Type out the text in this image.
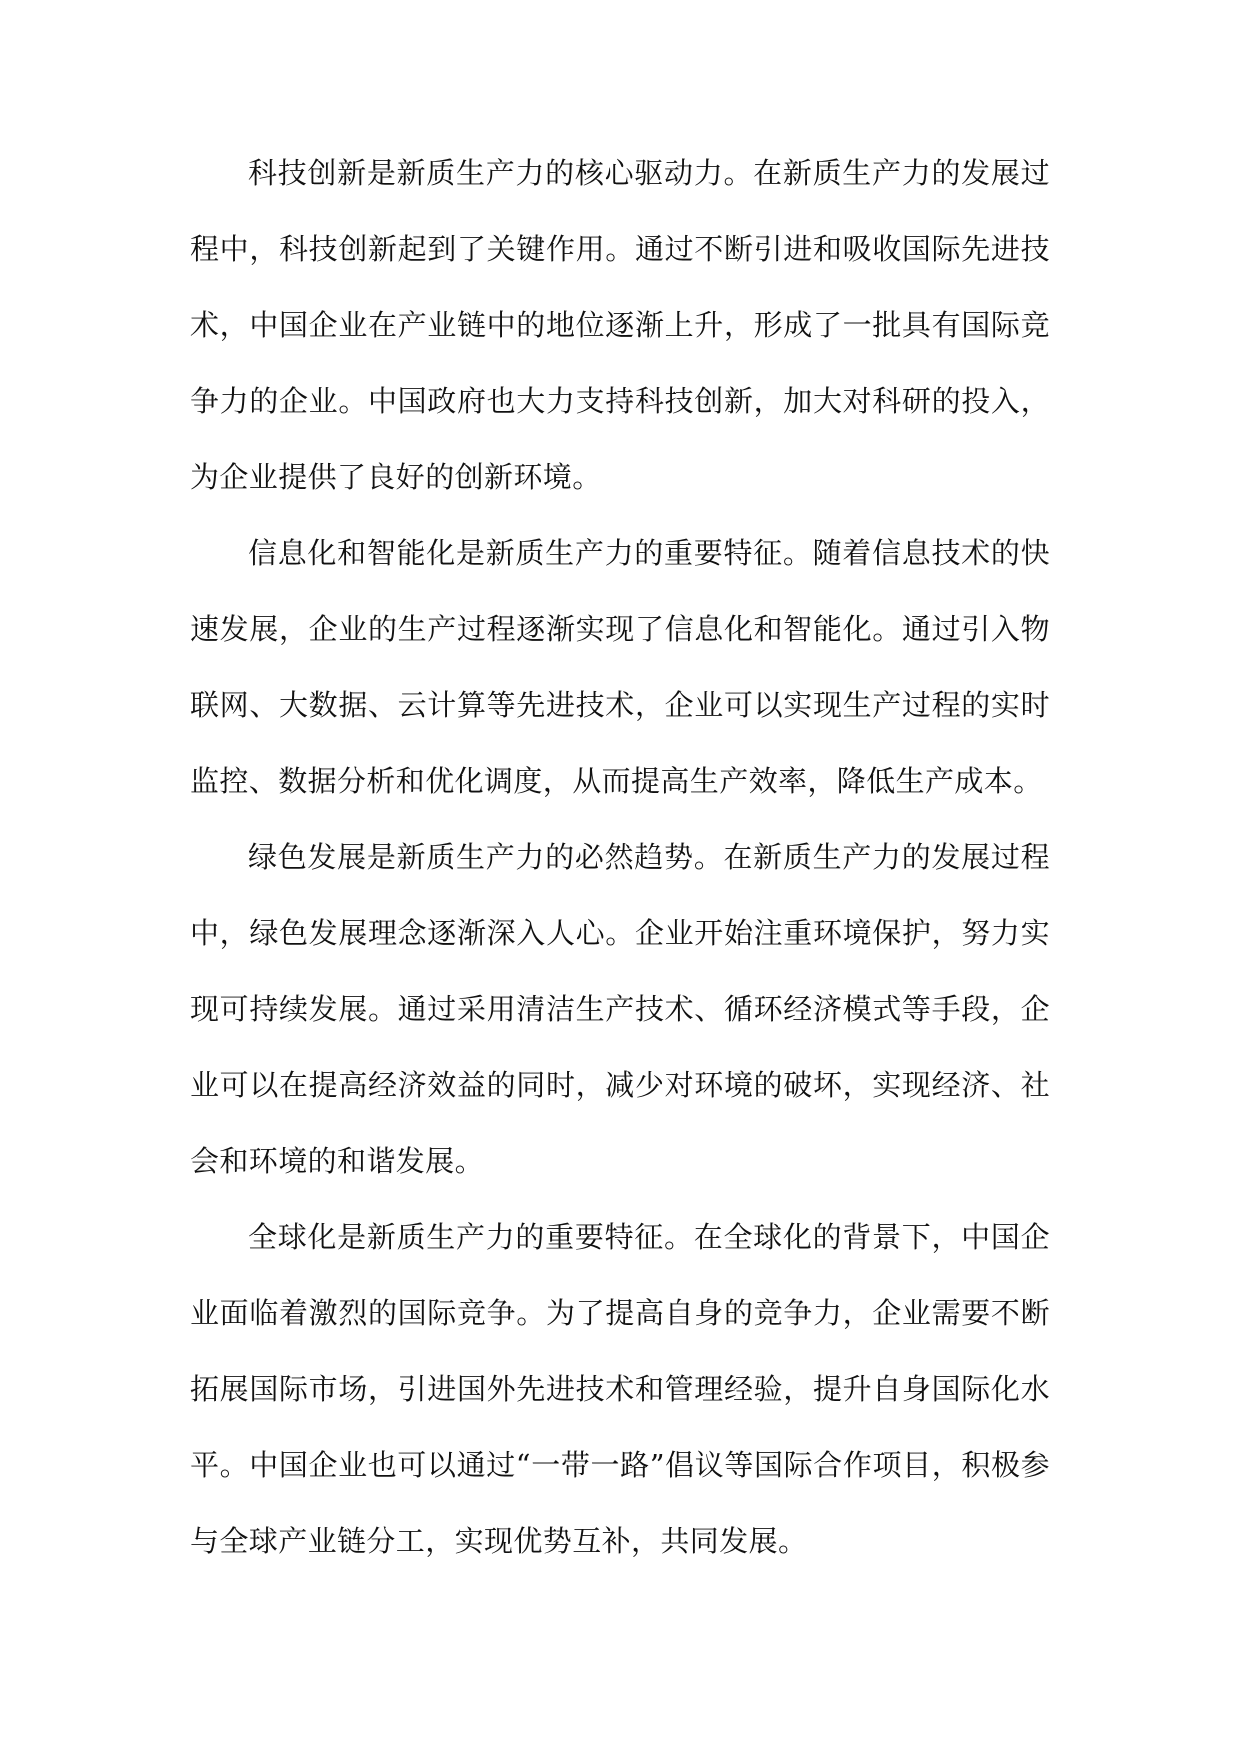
科技创新是新质生产力的核心驱动力。在新质生产力的发展过程中，科技创新起到了关键作用。通过不断引进和吸收国际先进技术，中国企业在产业链中的地位逐渐上升，形成了一批具有国际竞争力的企业。中国政府也大力支持科技创新，加大对科研的投入，为企业提供了良好的创新环境。

信息化和智能化是新质生产力的重要特征。随着信息技术的快速发展，企业的生产过程逐渐实现了信息化和智能化。通过引入物联网、大数据、云计算等先进技术，企业可以实现生产过程的实时监控、数据分析和优化调度，从而提高生产效率，降低生产成本。

绿色发展是新质生产力的必然趋势。在新质生产力的发展过程中，绿色发展理念逐渐深入人心。企业开始注重环境保护，努力实现可持续发展。通过采用清洁生产技术、循环经济模式等手段，企业可以在提高经济效益的同时，减少对环境的破坏，实现经济、社会和环境的和谐发展。

全球化是新质生产力的重要特征。在全球化的背景下，中国企业面临着激烈的国际竞争。为了提高自身的竞争力，企业需要不断拓展国际市场，引进国外先进技术和管理经验，提升自身国际化水平。中国企业也可以通过“一带一路”倡议等国际合作项目，积极参与全球产业链分工，实现优势互补，共同发展。
